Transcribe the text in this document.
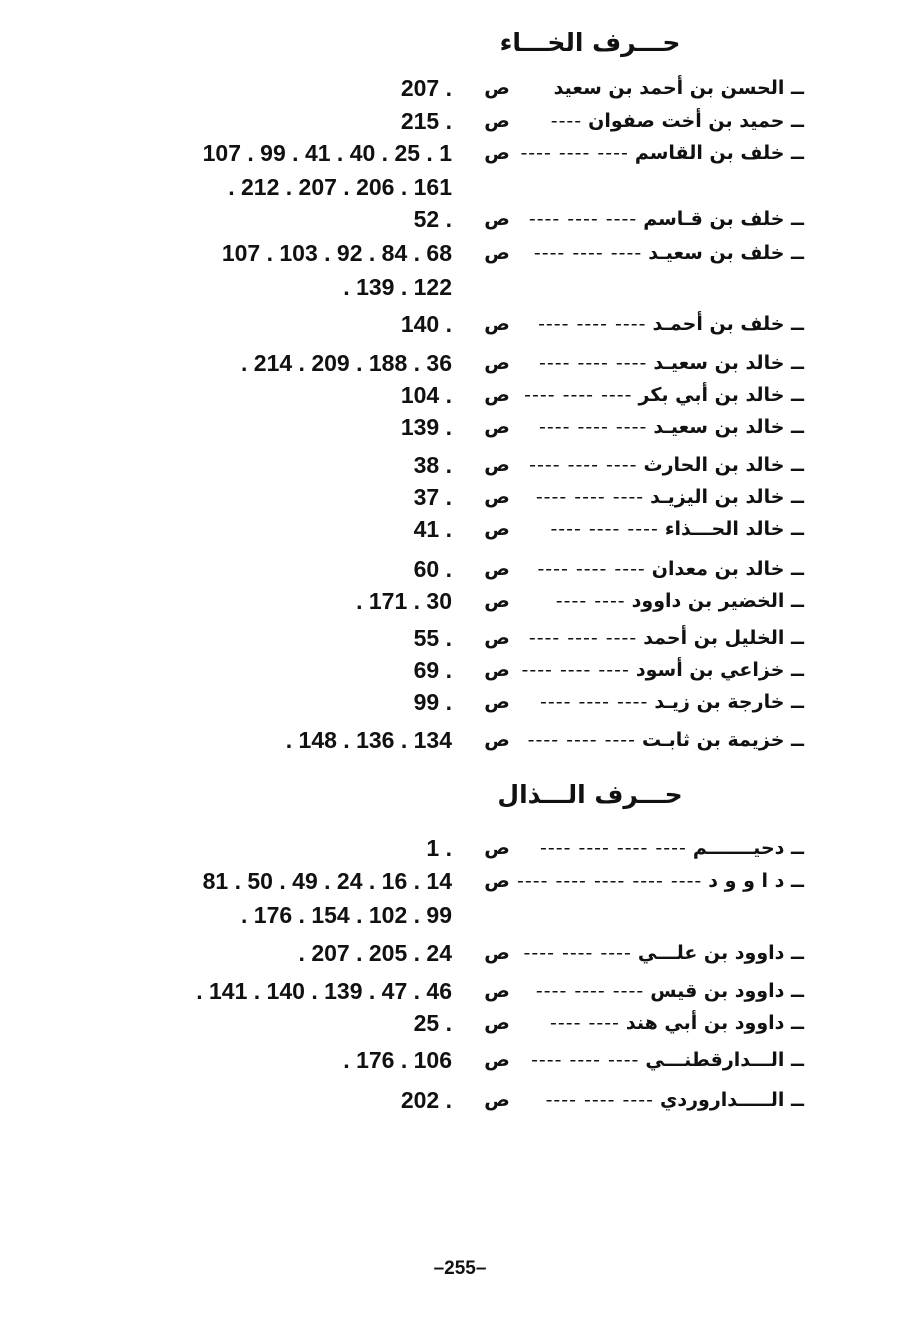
حـــرف الخـــاء
ــ الحسن بن أحمد بن سعيد
ص
207 .
ــ حميد بن أخت صفوان----
ص
215 .
ــ خلف بن القاسم---- ---- ----
ص
107 . 99 . 41 . 40 . 25 . 1
. 212 . 207 . 206 . 161
ــ خلف بن قـاسم---- ---- ----
ص
52 .
ــ خلف بن سعيـد---- ---- ----
ص
107 . 103 . 92 . 84 . 68
. 139 . 122
ــ خلف بن أحمـد---- ---- ----
ص
140 .
ــ خالد بن سعيـد---- ---- ----
ص
. 214 . 209 . 188 . 36
ــ خالد بن أبي بكر---- ---- ----
ص
104 .
ــ خالد بن سعيـد---- ---- ----
ص
139 .
ــ خالد بن الحارث---- ---- ----
ص
38 .
ــ خالد بن اليزيـد---- ---- ----
ص
37 .
ــ خالد الحـــذاء---- ---- ----
ص
41 .
ــ خالد بن معدان---- ---- ----
ص
60 .
ــ الخضير بن داوود---- ----
ص
. 171 . 30
ــ الخليل بن أحمد---- ---- ----
ص
55 .
ــ خزاعي بن أسود---- ---- ----
ص
69 .
ــ خارجة بن زيـد---- ---- ----
ص
99 .
ــ خزيمة بن ثابـت---- ---- ----
ص
. 148 . 136 . 134
حـــرف الـــذال
ــ دحيـــــــم---- ---- ---- ----
ص
1 .
ــ د ا و و د---- ---- ---- ---- ----
ص
81 . 50 . 49 . 24 . 16 . 14
. 176 . 154 . 102 . 99
ــ داوود بن علـــي---- ---- ----
ص
. 207 . 205 . 24
ــ داوود بن قيس---- ---- ----
ص
. 141 . 140 . 139 . 47 . 46
ــ داوود بن أبي هند---- ----
ص
25 .
ــ الـــدارقطنـــي---- ---- ----
ص
. 176 . 106
ــ الـــــداروردي---- ---- ----
ص
202 .
–255–
